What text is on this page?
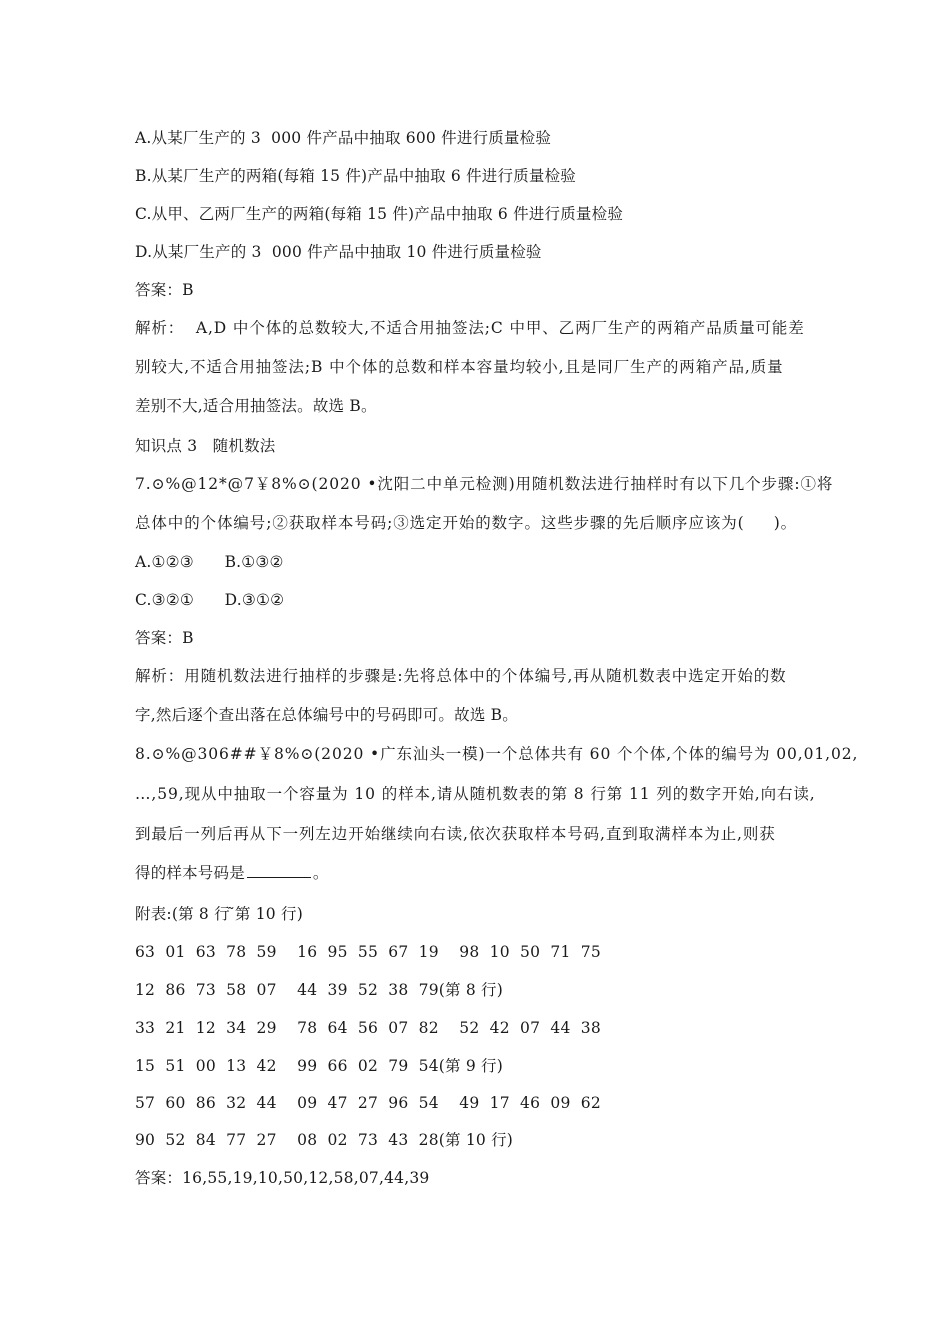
A.从某厂生产的 3  000 件产品中抽取 600 件进行质量检验
B.从某厂生产的两箱(每箱 15 件)产品中抽取 6 件进行质量检验
C.从甲、乙两厂生产的两箱(每箱 15 件)产品中抽取 6 件进行质量检验
D.从某厂生产的 3  000 件产品中抽取 10 件进行质量检验
答案：B
解析：  A,D 中个体的总数较大,不适合用抽签法;C 中甲、乙两厂生产的两箱产品质量可能差
别较大,不适合用抽签法;B 中个体的总数和样本容量均较小,且是同厂生产的两箱产品,质量
差别不大,适合用抽签法。故选 B。
知识点 3   随机数法
7.⊙%@12*@7￥8%⊙(2020 •沈阳二中单元检测)用随机数法进行抽样时有以下几个步骤:①将
总体中的个体编号;②获取样本号码;③选定开始的数字。这些步骤的先后顺序应该为(     )。
A.①②③      B.①③②
C.③②①      D.③①②
答案：B
解析：用随机数法进行抽样的步骤是:先将总体中的个体编号,再从随机数表中选定开始的数
字,然后逐个查出落在总体编号中的号码即可。故选 B。
8.⊙%@306##￥8%⊙(2020 •广东汕头一模)一个总体共有 60 个个体,个体的编号为 00,01,02,
…,59,现从中抽取一个容量为 10 的样本,请从随机数表的第 8 行第 11 列的数字开始,向右读,
到最后一列后再从下一列左边开始继续向右读,依次获取样本号码,直到取满样本为止,则获
得的样本号码是	。
附表:(第 8 行 ̃第 10 行)
63  01  63  78  59    16  95  55  67  19    98  10  50  71  75
12  86  73  58  07    44  39  52  38  79(第 8 行)
33  21  12  34  29    78  64  56  07  82    52  42  07  44  38
15  51  00  13  42    99  66  02  79  54(第 9 行)
57  60  86  32  44    09  47  27  96  54    49  17  46  09  62
90  52  84  77  27    08  02  73  43  28(第 10 行)
答案：16,55,19,10,50,12,58,07,44,39
